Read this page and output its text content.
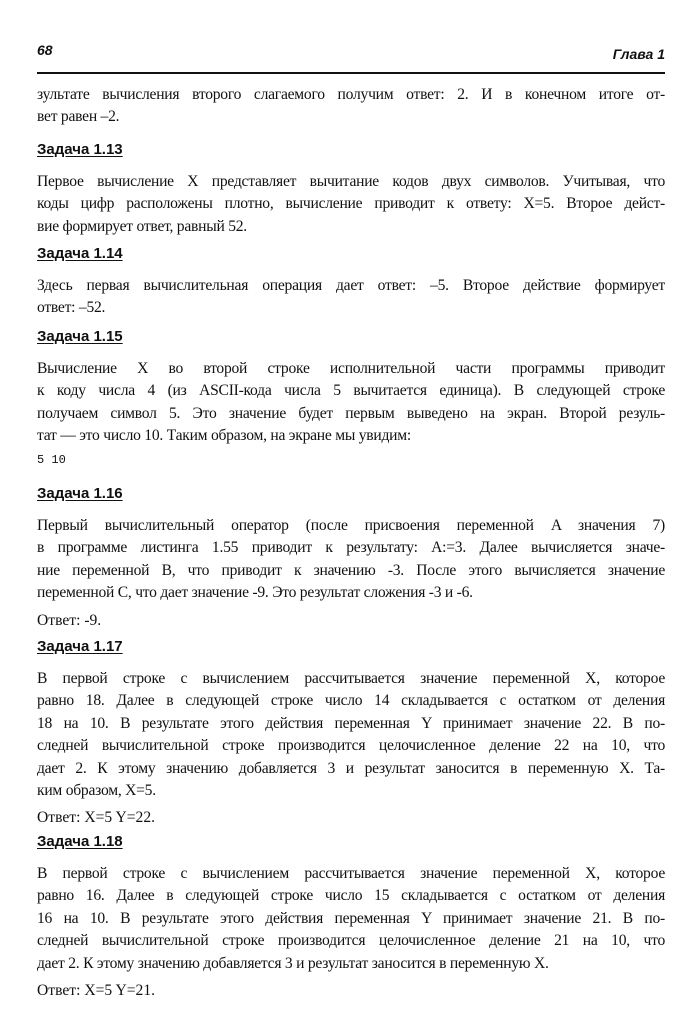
68	Глава 1
зультате вычисления второго слагаемого получим ответ: 2. И в конечном итоге от-
вет равен –2.
Задача 1.13
Первое вычисление X представляет вычитание кодов двух символов. Учитывая, что
коды цифр расположены плотно, вычисление приводит к ответу: X=5. Второе дейст-
вие формирует ответ, равный 52.
Задача 1.14
Здесь первая вычислительная операция дает ответ: –5. Второе действие формирует
ответ: –52.
Задача 1.15
Вычисление X во второй строке исполнительной части программы приводит
к коду числа 4 (из ASCII-кода числа 5 вычитается единица). В следующей строке
получаем символ 5. Это значение будет первым выведено на экран. Второй резуль-
тат — это число 10. Таким образом, на экране мы увидим:
5 10
Задача 1.16
Первый вычислительный оператор (после присвоения переменной A значения 7)
в программе листинга 1.55 приводит к результату: A:=3. Далее вычисляется значе-
ние переменной B, что приводит к значению -3. После этого вычисляется значение
переменной C, что дает значение -9. Это результат сложения -3 и -6.
Ответ: -9.
Задача 1.17
В первой строке с вычислением рассчитывается значение переменной X, которое
равно 18. Далее в следующей строке число 14 складывается с остатком от деления
18 на 10. В результате этого действия переменная Y принимает значение 22. В по-
следней вычислительной строке производится целочисленное деление 22 на 10, что
дает 2. К этому значению добавляется 3 и результат заносится в переменную X. Та-
ким образом, X=5.
Ответ: X=5 Y=22.
Задача 1.18
В первой строке с вычислением рассчитывается значение переменной X, которое
равно 16. Далее в следующей строке число 15 складывается с остатком от деления
16 на 10. В результате этого действия переменная Y принимает значение 21. В по-
следней вычислительной строке производится целочисленное деление 21 на 10, что
дает 2. К этому значению добавляется 3 и результат заносится в переменную X.
Ответ: X=5 Y=21.
